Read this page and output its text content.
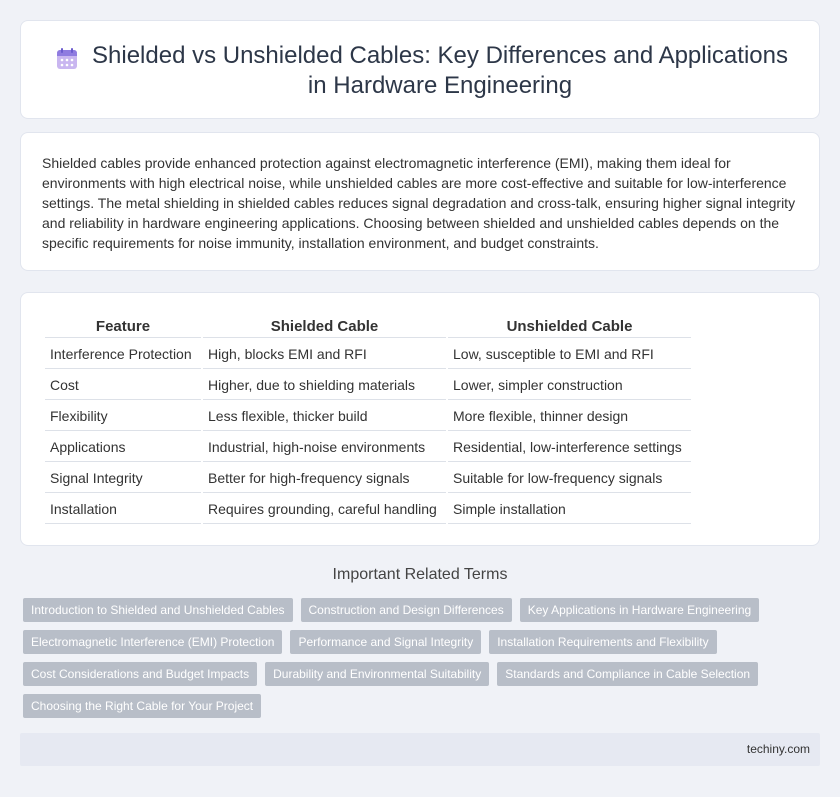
Shielded vs Unshielded Cables: Key Differences and Applications in Hardware Engineering

Shielded cables provide enhanced protection against electromagnetic interference (EMI), making them ideal for environments with high electrical noise, while unshielded cables are more cost-effective and suitable for low-interference settings. The metal shielding in shielded cables reduces signal degradation and cross-talk, ensuring higher signal integrity and reliability in hardware engineering applications. Choosing between shielded and unshielded cables depends on the specific requirements for noise immunity, installation environment, and budget constraints.

Feature	Shielded Cable	Unshielded Cable
Interference Protection	High, blocks EMI and RFI	Low, susceptible to EMI and RFI
Cost	Higher, due to shielding materials	Lower, simpler construction
Flexibility	Less flexible, thicker build	More flexible, thinner design
Applications	Industrial, high-noise environments	Residential, low-interference settings
Signal Integrity	Better for high-frequency signals	Suitable for low-frequency signals
Installation	Requires grounding, careful handling	Simple installation
Important Related Terms
Introduction to Shielded and Unshielded Cables	Construction and Design Differences	Key Applications in Hardware Engineering
Electromagnetic Interference (EMI) Protection	Performance and Signal Integrity	Installation Requirements and Flexibility
Cost Considerations and Budget Impacts	Durability and Environmental Suitability	Standards and Compliance in Cable Selection
Choosing the Right Cable for Your Project
techiny.com
